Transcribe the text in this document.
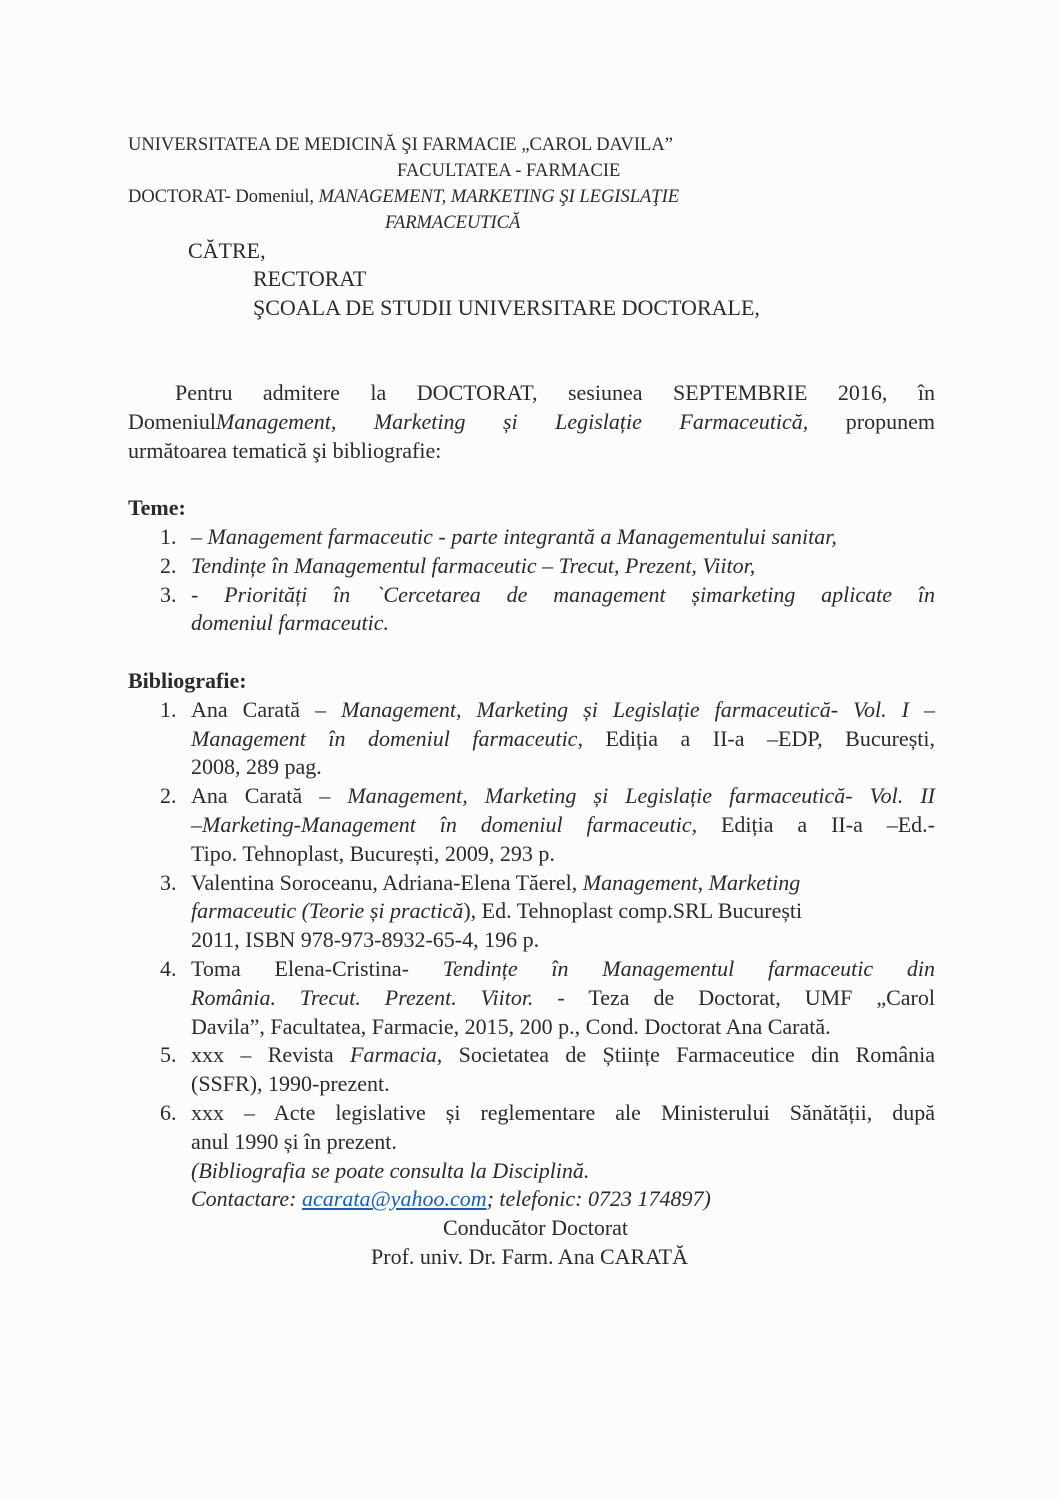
UNIVERSITATEA DE MEDICINĂ ŞI FARMACIE „CAROL DAVILA”
FACULTATEA - FARMACIE
DOCTORAT- Domeniul, MANAGEMENT, MARKETING ŞI LEGISLAŢIE
FARMACEUTICĂ
CĂTRE,
RECTORAT
ŞCOALA DE STUDII UNIVERSITARE DOCTORALE,
Pentru admitere la DOCTORAT, sesiunea SEPTEMBRIE 2016, în
DomeniulManagement, Marketing și Legislație Farmaceutică, propunem
următoarea tematică şi bibliografie:
Teme:
– Management farmaceutic - parte integrantă a Managementului sanitar,
1.
Tendințe în Managementul farmaceutic – Trecut, Prezent, Viitor,
2.
- Priorități în `Cercetarea de management șimarketing aplicate în
3.
domeniul farmaceutic.
Bibliografie:
Ana Carată – Management, Marketing și Legislație farmaceutică- Vol. I –
1.
Management în domeniul farmaceutic, Ediția a II-a –EDP, București,
2008, 289 pag.
Ana Carată – Management, Marketing și Legislație farmaceutică- Vol. II
2.
–Marketing-Management în domeniul farmaceutic, Ediția a II-a –Ed.-
Tipo. Tehnoplast, București, 2009, 293 p.
Valentina Soroceanu, Adriana-Elena Tăerel, Management, Marketing
3.
farmaceutic (Teorie și practică), Ed. Tehnoplast comp.SRL București
2011, ISBN 978-973-8932-65-4, 196 p.
Toma Elena-Cristina- Tendințe în Managementul farmaceutic din
4.
România. Trecut. Prezent. Viitor. - Teza de Doctorat, UMF „Carol
Davila”, Facultatea, Farmacie, 2015, 200 p., Cond. Doctorat Ana Carată.
xxx – Revista Farmacia, Societatea de Științe Farmaceutice din România
5.
(SSFR), 1990-prezent.
xxx – Acte legislative și reglementare ale Ministerului Sănătății, după
6.
anul 1990 și în prezent.
(Bibliografia se poate consulta la Disciplină.
Contactare: acarata@yahoo.com; telefonic: 0723 174897)
Conducător Doctorat
Prof. univ. Dr. Farm. Ana CARATĂ
